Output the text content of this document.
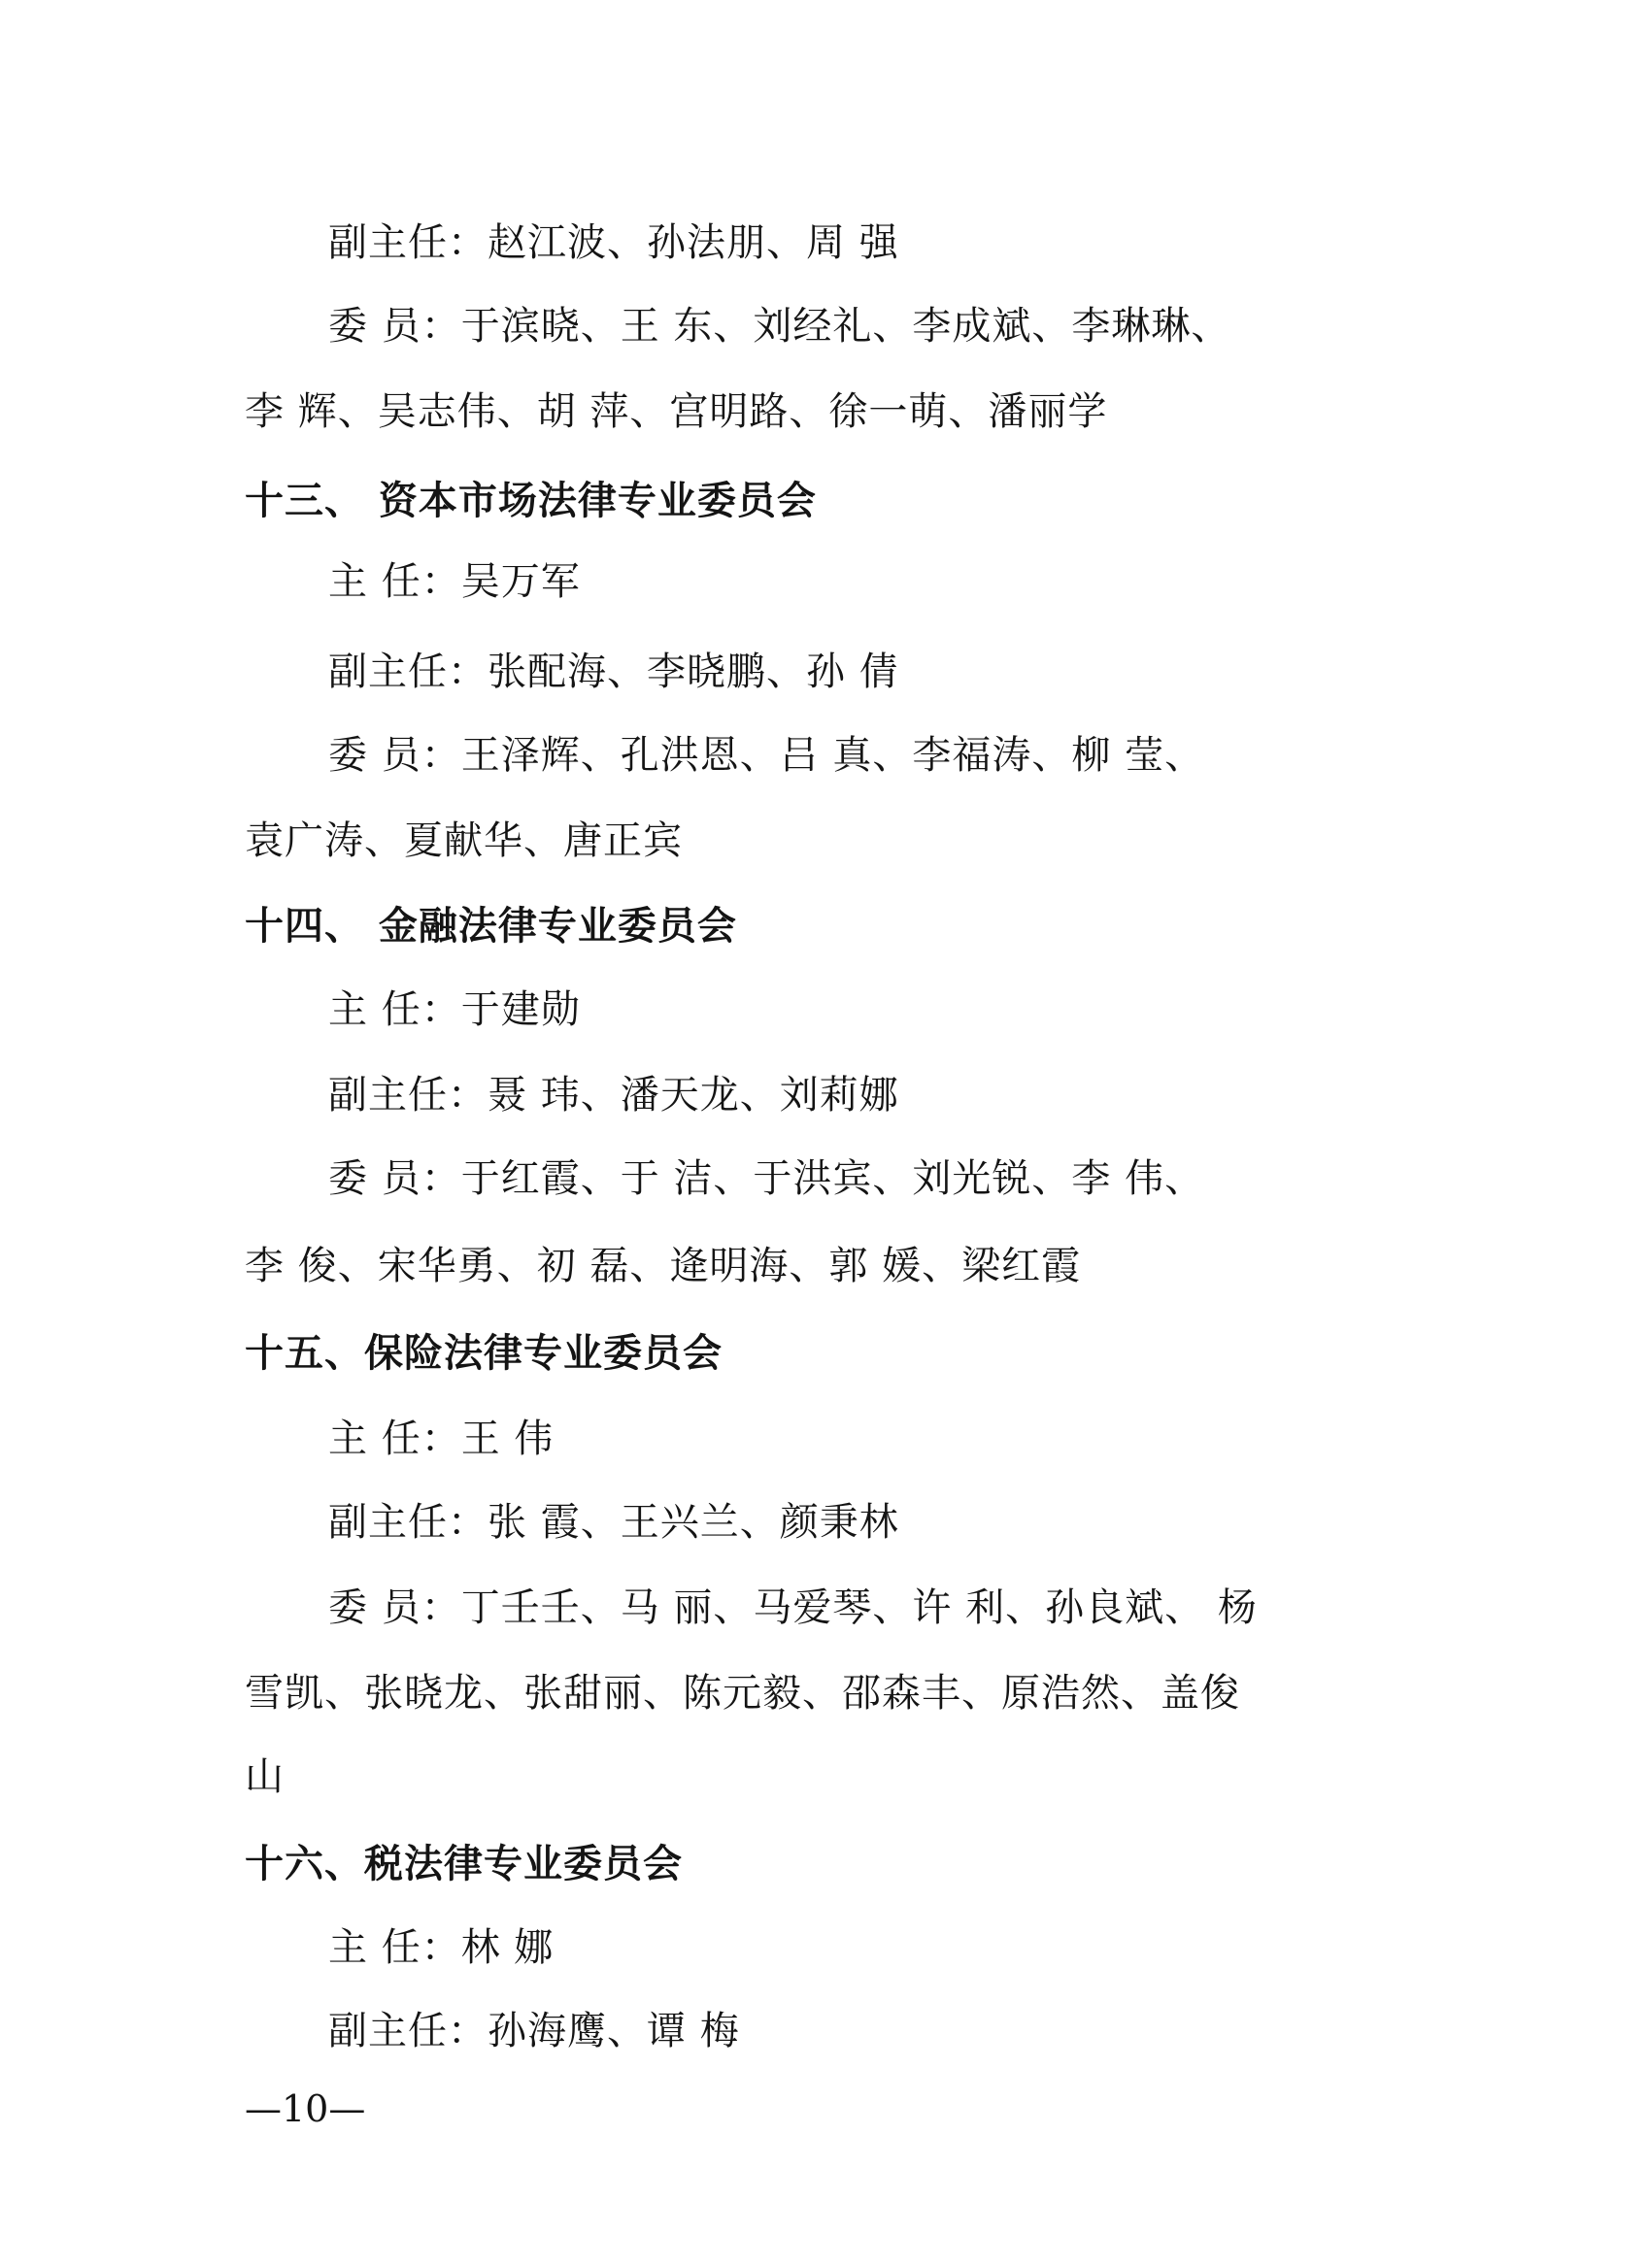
副主任：赵江波、孙法朋、周 强
委 员：于滨晓、王 东、刘经礼、李成斌、李琳琳、
李 辉、吴志伟、胡 萍、宫明路、徐一萌、潘丽学
十三、 资本市场法律专业委员会
主 任：吴万军
副主任：张配海、李晓鹏、孙 倩
委 员：王泽辉、孔洪恩、吕 真、李福涛、柳 莹、
袁广涛、夏献华、唐正宾
十四、 金融法律专业委员会
主 任：于建勋
副主任：聂 玮、潘天龙、刘莉娜
委 员：于红霞、于 洁、于洪宾、刘光锐、李 伟、
李 俊、宋华勇、初 磊、逄明海、郭 媛、梁红霞
十五、保险法律专业委员会
主 任：王 伟
副主任：张 霞、王兴兰、颜秉林
委 员：丁壬壬、马 丽、马爱琴、许 利、孙良斌、 杨
雪凯、张晓龙、张甜丽、陈元毅、邵森丰、原浩然、盖俊
山
十六、税法律专业委员会
主 任：林 娜
副主任：孙海鹰、谭 梅
—10—
